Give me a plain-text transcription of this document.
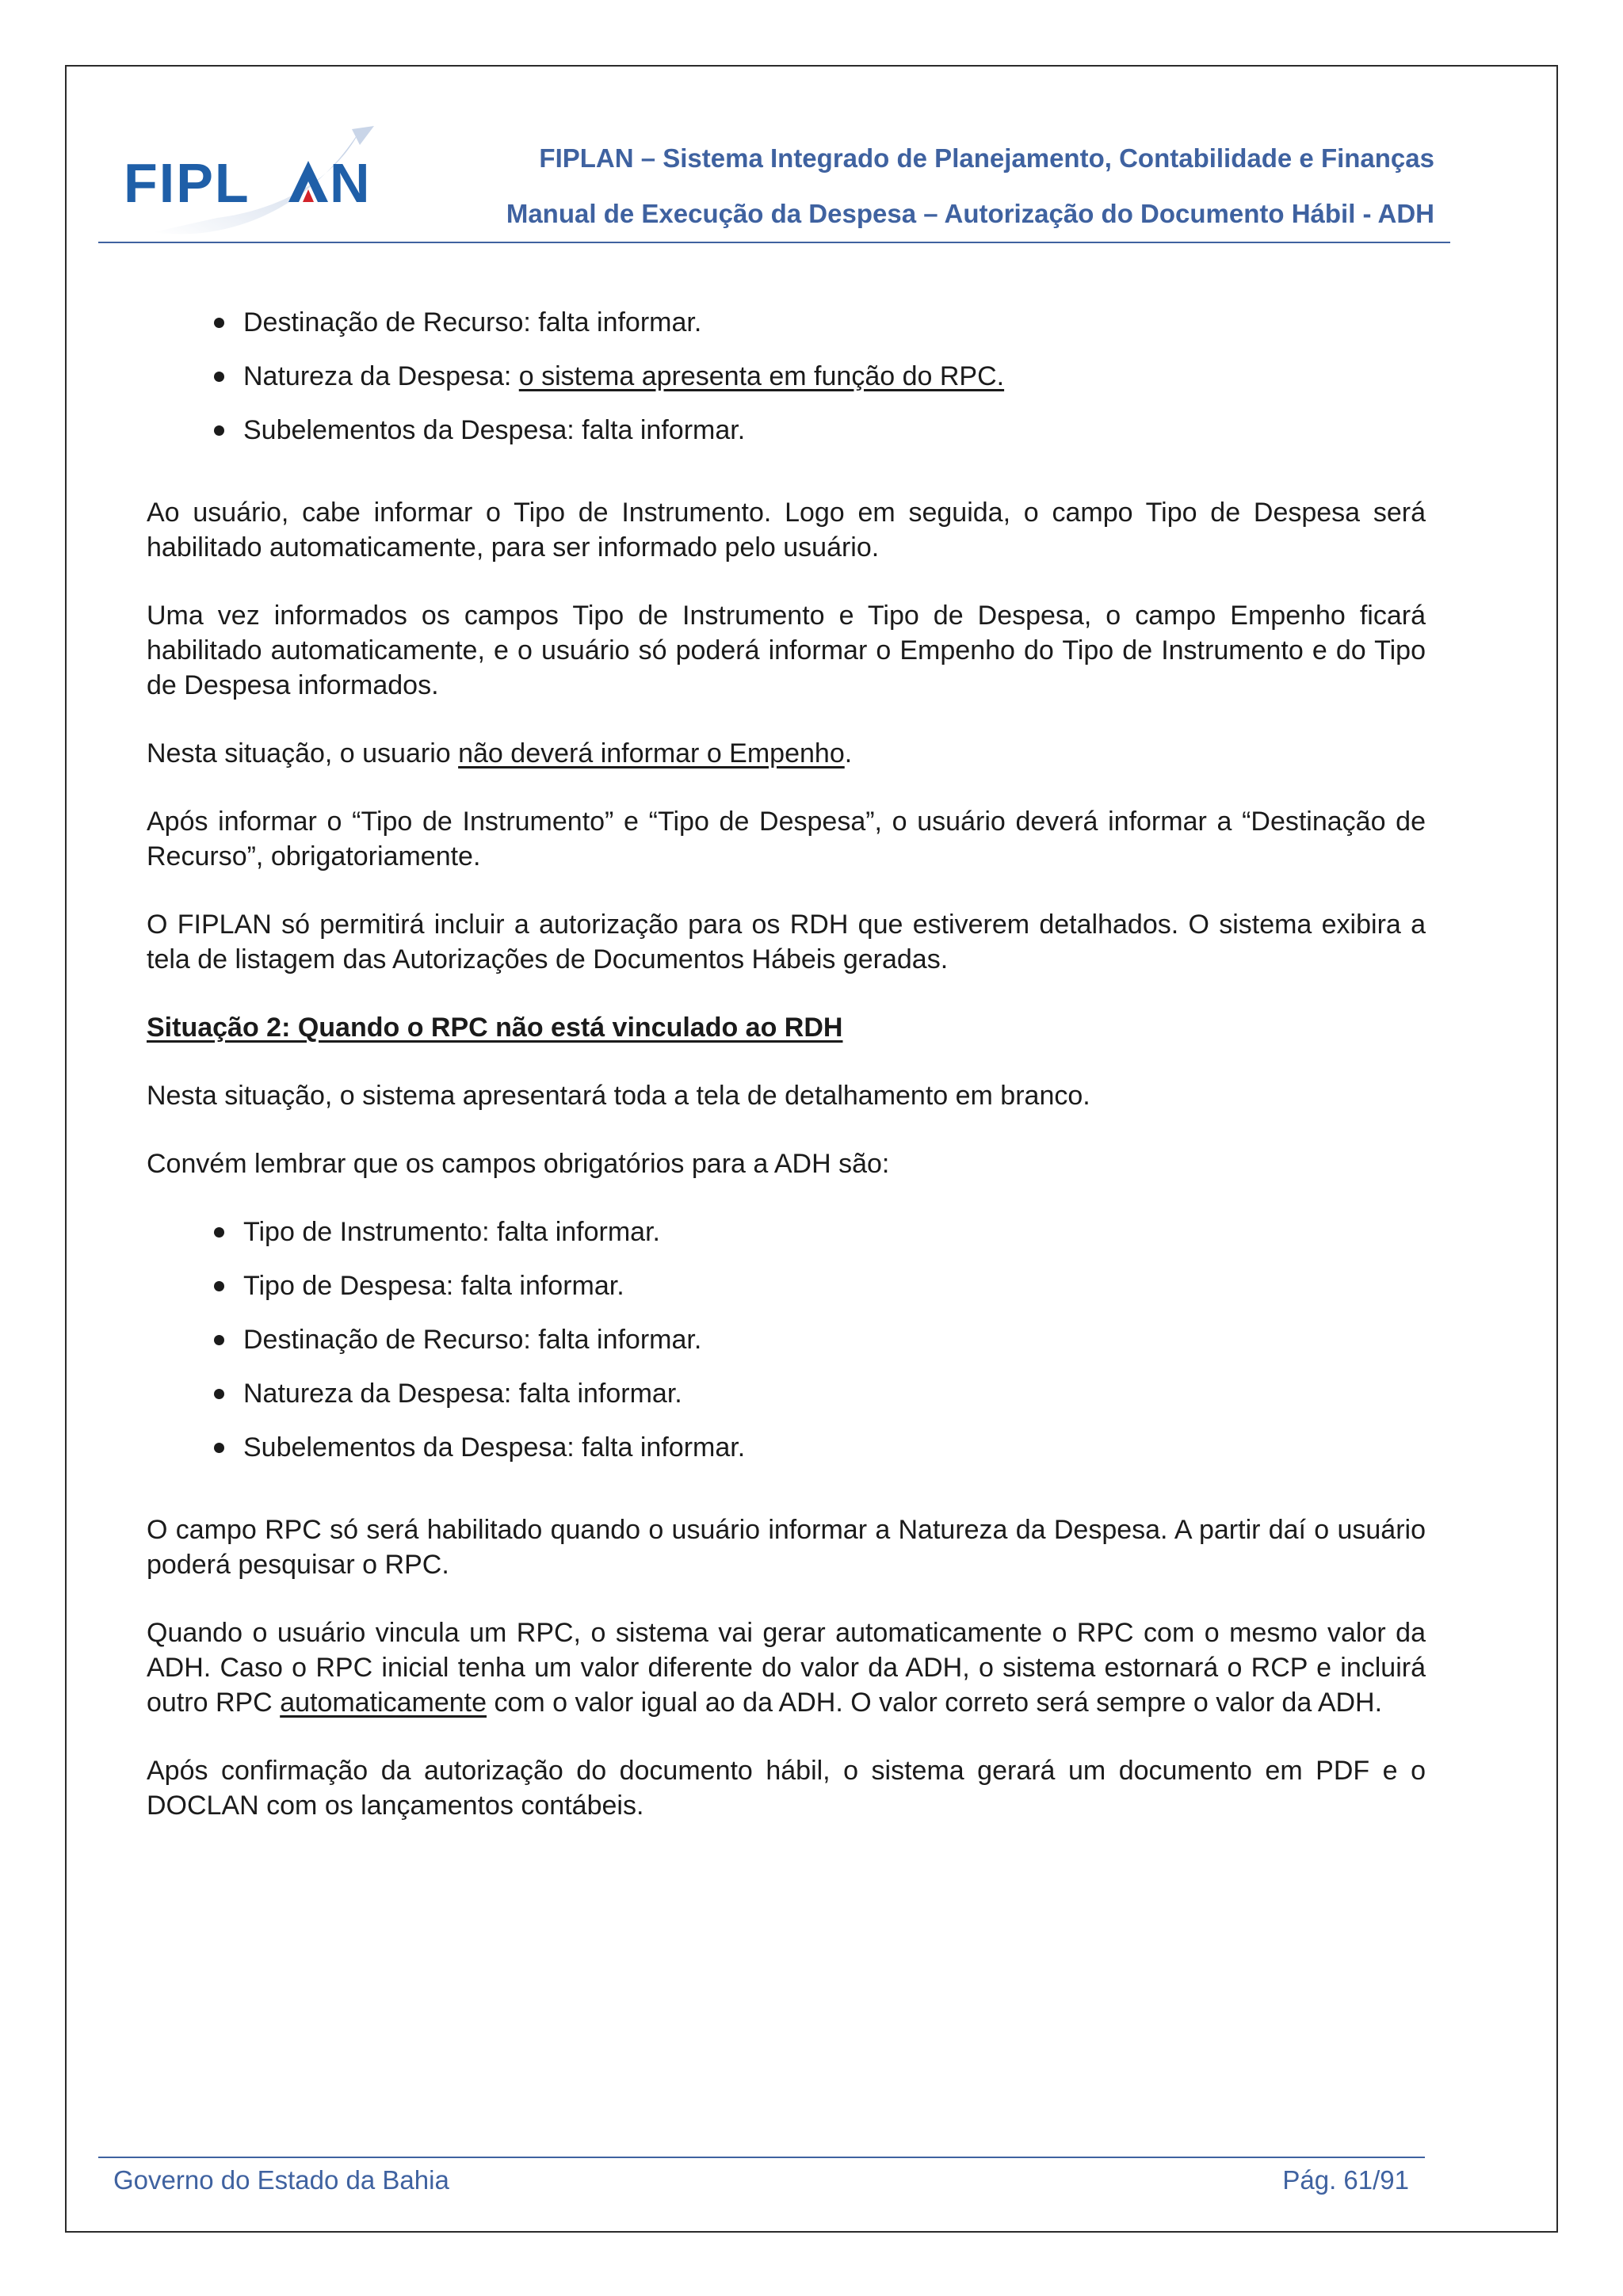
FIPL N	FIPLAN – Sistema Integrado de Planejamento, Contabilidade e Finanças
Manual de Execução da Despesa – Autorização do Documento Hábil - ADH
Destinação de Recurso: falta informar.
Natureza da Despesa: o sistema apresenta em função do RPC.
Subelementos da Despesa: falta informar.

Ao usuário, cabe informar o Tipo de Instrumento. Logo em seguida, o campo Tipo de Despesa será habilitado automaticamente, para ser informado pelo usuário.

Uma vez informados os campos Tipo de Instrumento e Tipo de Despesa, o campo Empenho ficará habilitado automaticamente, e o usuário só poderá informar o Empenho do Tipo de Instrumento e do Tipo de Despesa informados.

Nesta situação, o usuario não deverá informar o Empenho.

Após informar o “Tipo de Instrumento” e “Tipo de Despesa”, o usuário deverá informar a “Destinação de Recurso”, obrigatoriamente.

O FIPLAN só permitirá incluir a autorização para os RDH que estiverem detalhados. O sistema exibira a tela de listagem das Autorizações de Documentos Hábeis geradas.

Situação 2: Quando o RPC não está vinculado ao RDH

Nesta situação, o sistema apresentará toda a tela de detalhamento em branco.

Convém lembrar que os campos obrigatórios para a ADH são:

Tipo de Instrumento: falta informar.
Tipo de Despesa: falta informar.
Destinação de Recurso: falta informar.
Natureza da Despesa: falta informar.
Subelementos da Despesa: falta informar.

O campo RPC só será habilitado quando o usuário informar a Natureza da Despesa. A partir daí o usuário poderá pesquisar o RPC.

Quando o usuário vincula um RPC, o sistema vai gerar automaticamente o RPC com o mesmo valor da ADH. Caso o RPC inicial tenha um valor diferente do valor da ADH, o sistema estornará o RCP e incluirá outro RPC automaticamente com o valor igual ao da ADH. O valor correto será sempre o valor da ADH.

Após confirmação da autorização do documento hábil, o sistema gerará um documento em PDF e o DOCLAN com os lançamentos contábeis.

Governo do Estado da Bahia	Pág. 61/91
